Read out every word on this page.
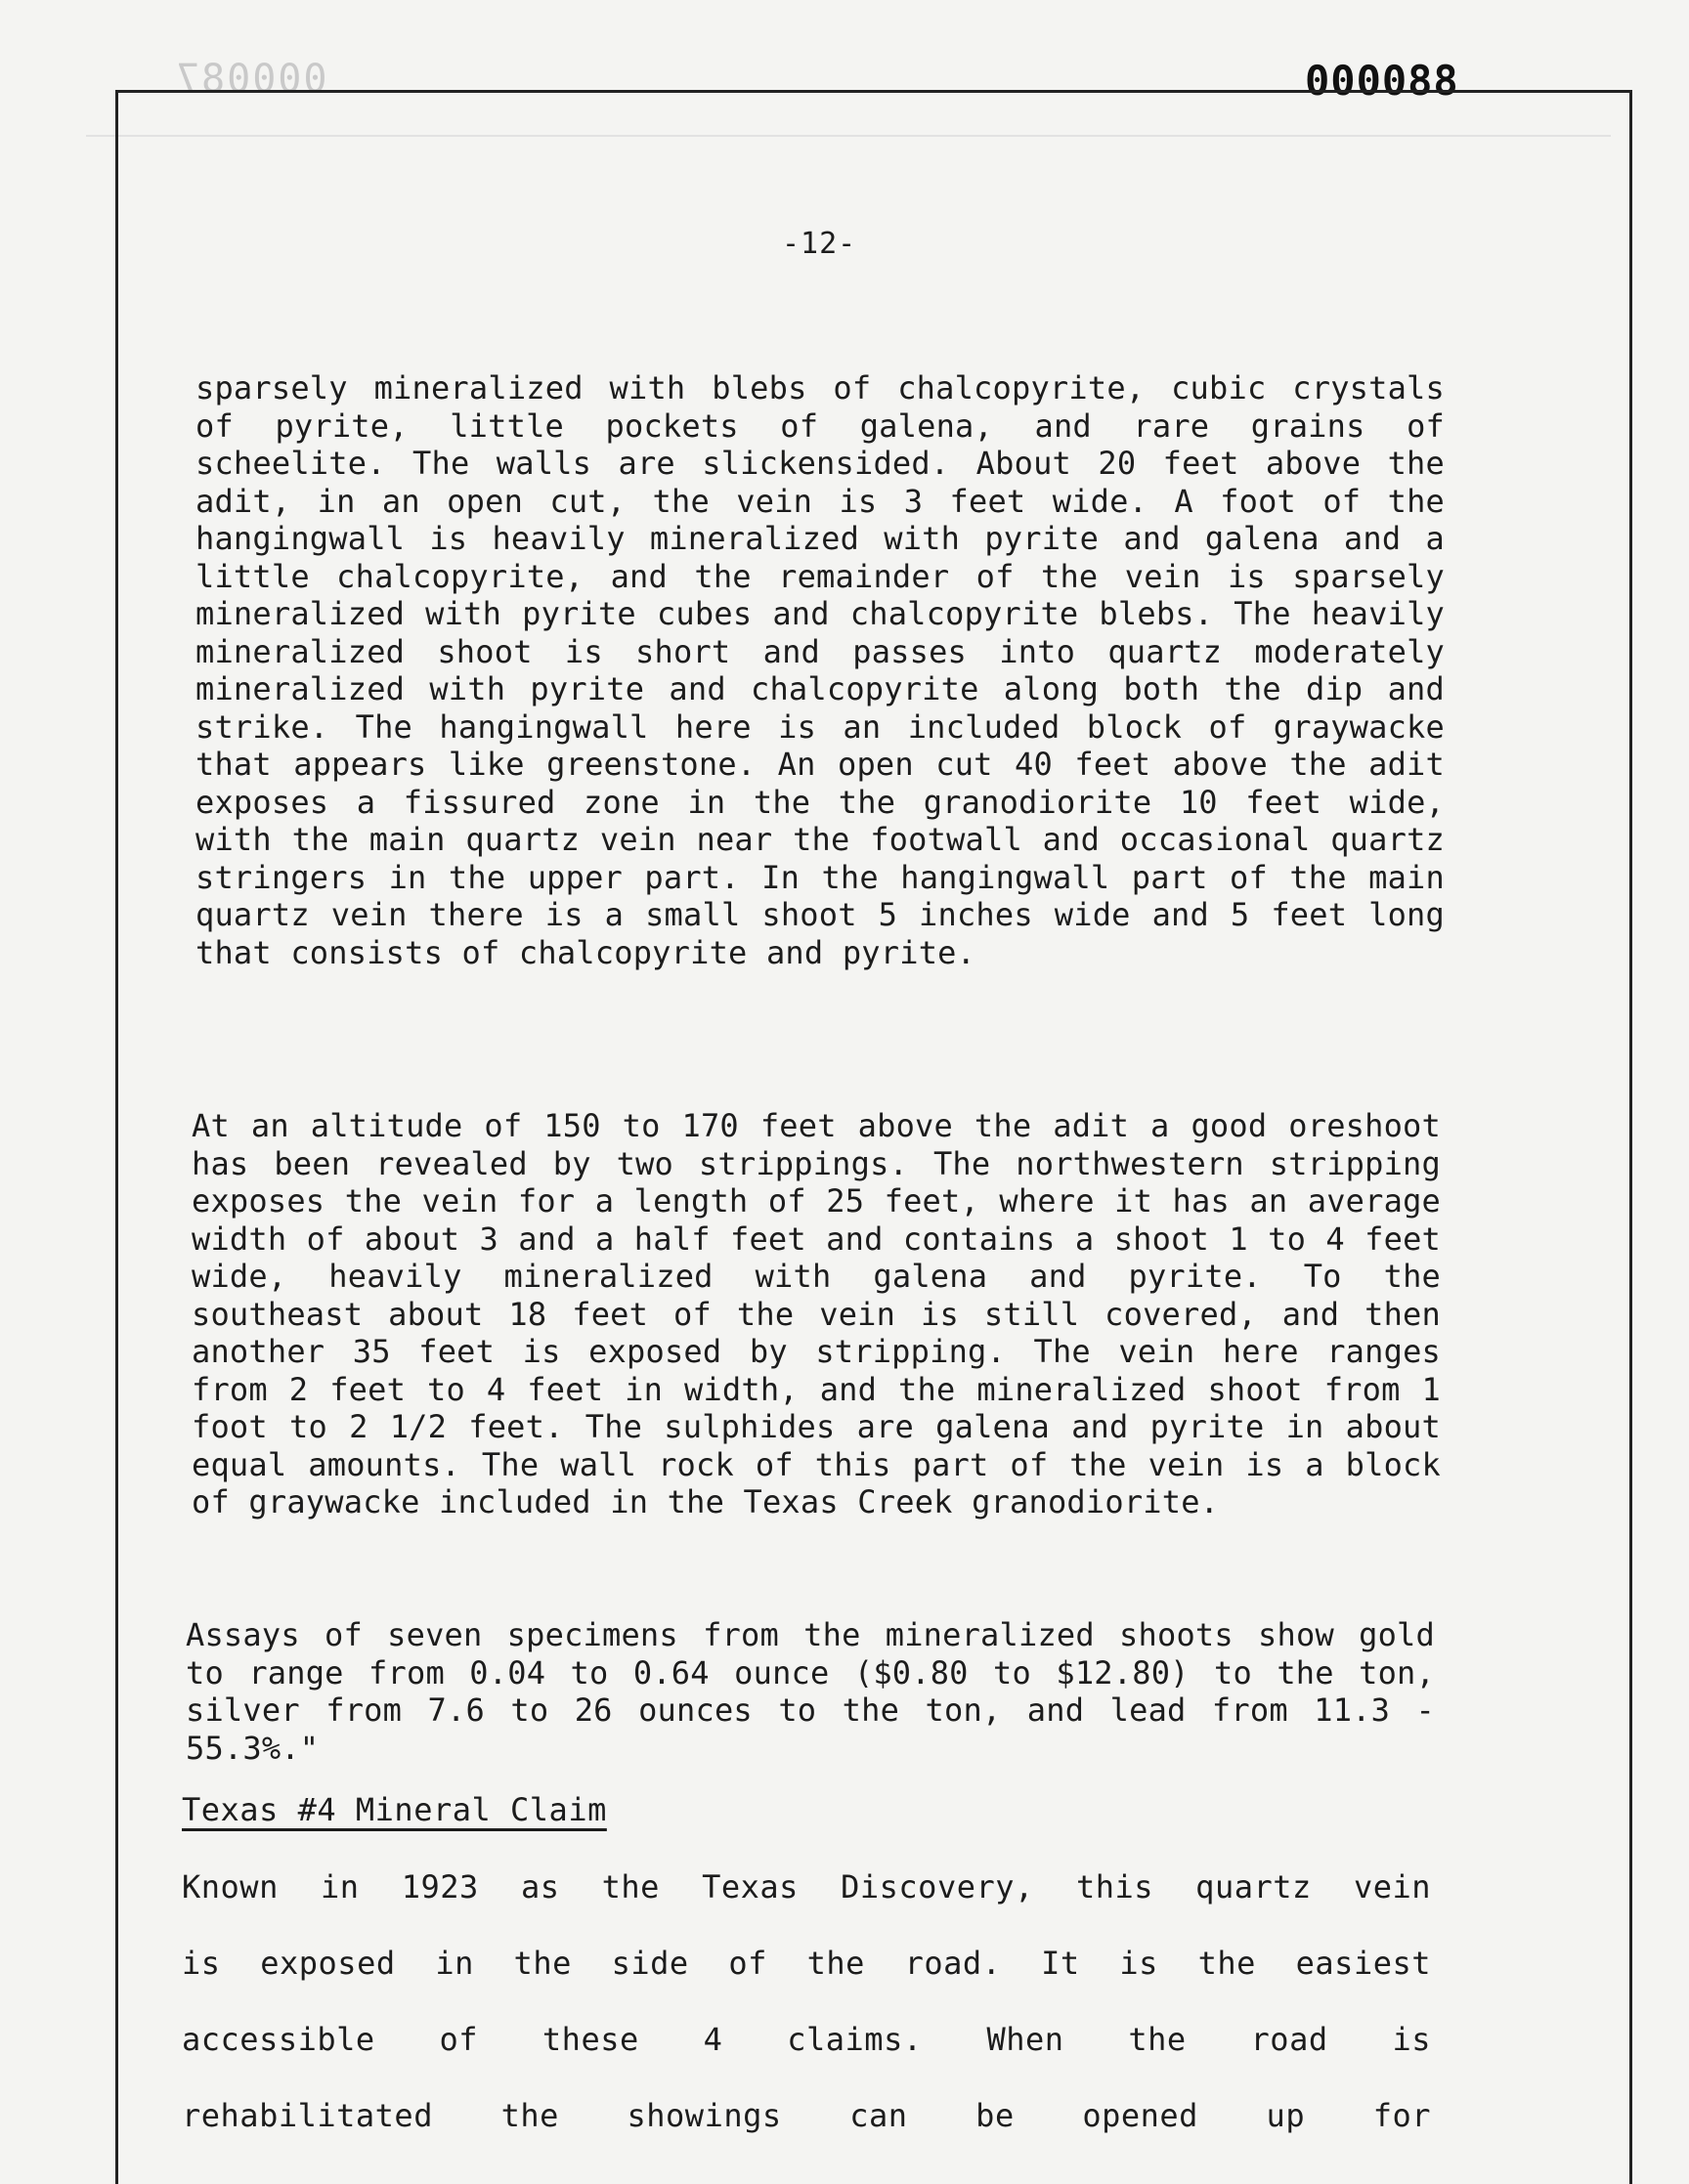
000087	000088
-12-

sparsely mineralized with blebs of chalcopyrite, cubic crystals of pyrite, little pockets of galena, and rare grains of scheelite. The walls are slickensided. About 20 feet above the adit, in an open cut, the vein is 3 feet wide. A foot of the hangingwall is heavily mineralized with pyrite and galena and a little chalcopyrite, and the remainder of the vein is sparsely mineralized with pyrite cubes and chalcopyrite blebs. The heavily mineralized shoot is short and passes into quartz moderately mineralized with pyrite and chalcopyrite along both the dip and strike. The hangingwall here is an included block of graywacke that appears like greenstone. An open cut 40 feet above the adit exposes a fissured zone in the the granodiorite 10 feet wide, with the main quartz vein near the footwall and occasional quartz stringers in the upper part. In the hangingwall part of the main quartz vein there is a small shoot 5 inches wide and 5 feet long that consists of chalcopyrite and pyrite.

At an altitude of 150 to 170 feet above the adit a good oreshoot has been revealed by two strippings. The northwestern stripping exposes the vein for a length of 25 feet, where it has an average width of about 3 and a half feet and contains a shoot 1 to 4 feet wide, heavily mineralized with galena and pyrite. To the southeast about 18 feet of the vein is still covered, and then another 35 feet is exposed by stripping. The vein here ranges from 2 feet to 4 feet in width, and the mineralized shoot from 1 foot to 2 1/2 feet. The sulphides are galena and pyrite in about equal amounts. The wall rock of this part of the vein is a block of graywacke included in the Texas Creek granodiorite.

Assays of seven specimens from the mineralized shoots show gold to range from 0.04 to 0.64 ounce ($0.80 to $12.80) to the ton, silver from 7.6 to 26 ounces to the ton, and lead from 11.3 - 55.3%."

Texas #4 Mineral Claim

Known in 1923 as the Texas Discovery, this quartz vein

is exposed in the side of the road. It is the easiest

accessible of these 4 claims. When the road is

rehabilitated the showings can be opened up for
